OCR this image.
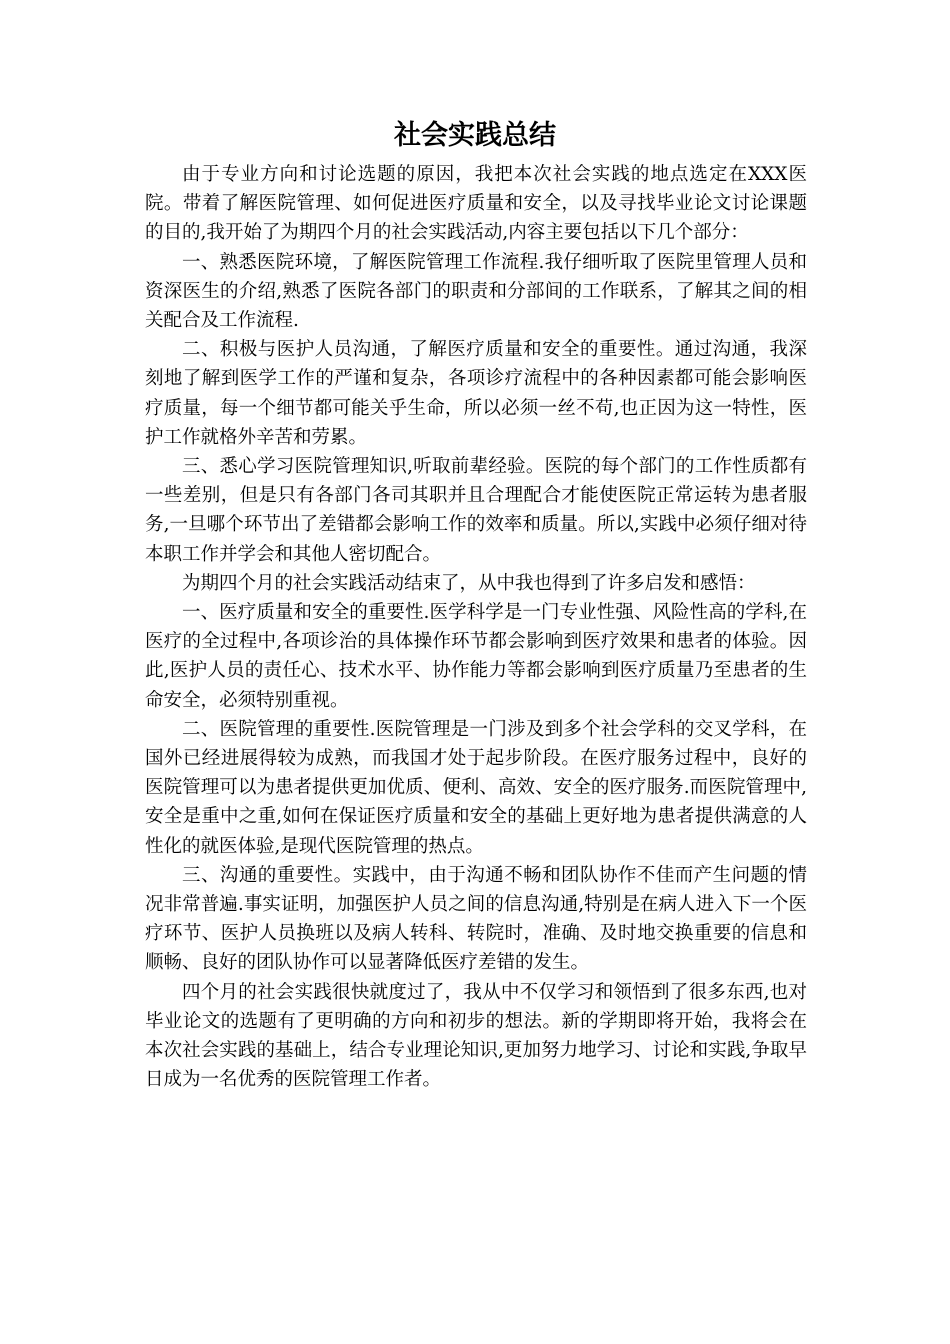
社会实践总结

由于专业方向和讨论选题的原因，我把本次社会实践的地点选定在XXX医院。带着了解医院管理、如何促进医疗质量和安全，以及寻找毕业论文讨论课题的目的,我开始了为期四个月的社会实践活动,内容主要包括以下几个部分：

一、熟悉医院环境，了解医院管理工作流程.我仔细听取了医院里管理人员和资深医生的介绍,熟悉了医院各部门的职责和分部间的工作联系，了解其之间的相关配合及工作流程.

二、积极与医护人员沟通，了解医疗质量和安全的重要性。通过沟通，我深刻地了解到医学工作的严谨和复杂，各项诊疗流程中的各种因素都可能会影响医疗质量，每一个细节都可能关乎生命，所以必须一丝不苟,也正因为这一特性，医护工作就格外辛苦和劳累。

三、悉心学习医院管理知识,听取前辈经验。医院的每个部门的工作性质都有一些差别，但是只有各部门各司其职并且合理配合才能使医院正常运转为患者服务,一旦哪个环节出了差错都会影响工作的效率和质量。所以,实践中必须仔细对待本职工作并学会和其他人密切配合。

为期四个月的社会实践活动结束了，从中我也得到了许多启发和感悟：

一、医疗质量和安全的重要性.医学科学是一门专业性强、风险性高的学科,在医疗的全过程中,各项诊治的具体操作环节都会影响到医疗效果和患者的体验。因此,医护人员的责任心、技术水平、协作能力等都会影响到医疗质量乃至患者的生命安全，必须特别重视。

二、医院管理的重要性.医院管理是一门涉及到多个社会学科的交叉学科，在国外已经进展得较为成熟，而我国才处于起步阶段。在医疗服务过程中，良好的医院管理可以为患者提供更加优质、便利、高效、安全的医疗服务.而医院管理中,安全是重中之重,如何在保证医疗质量和安全的基础上更好地为患者提供满意的人性化的就医体验,是现代医院管理的热点。

三、沟通的重要性。实践中，由于沟通不畅和团队协作不佳而产生问题的情况非常普遍.事实证明，加强医护人员之间的信息沟通,特别是在病人进入下一个医疗环节、医护人员换班以及病人转科、转院时，准确、及时地交换重要的信息和顺畅、良好的团队协作可以显著降低医疗差错的发生。

四个月的社会实践很快就度过了，我从中不仅学习和领悟到了很多东西,也对毕业论文的选题有了更明确的方向和初步的想法。新的学期即将开始，我将会在本次社会实践的基础上，结合专业理论知识,更加努力地学习、讨论和实践,争取早日成为一名优秀的医院管理工作者。
